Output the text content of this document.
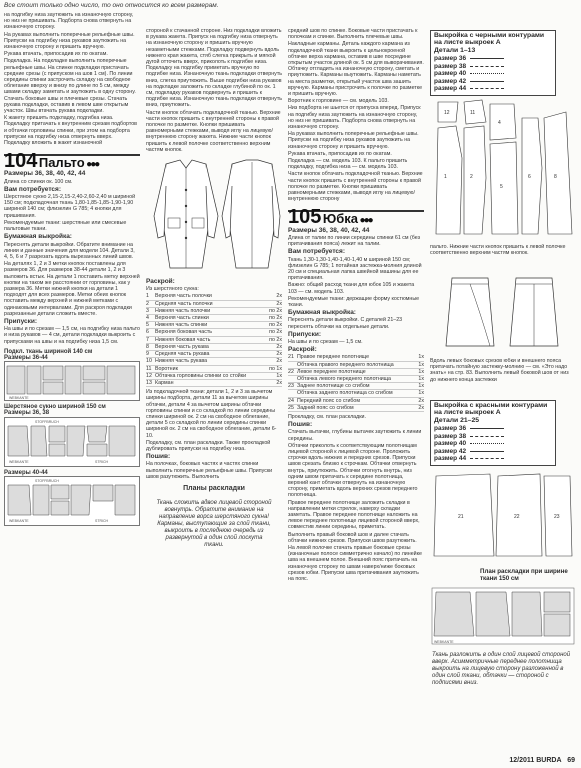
Все стоит только одно число, то оно относится ко всем размерам.

на подгибку низа заутюжить на изнаночную сторону, но низ не пришивать. Подборта снова отвернуть на изнаночную сторону.

На рукавах выполнить поперечные рельефные швы. Припуски на подгибку низа рукавов заутюжить на изнаночную сторону и пришить вручную.

Рукава втачать, припосадив их по окатам.

Подкладка. На подкладке выполнить поперечные рельефные швы. На спинке подкладки пристачать средние срезы (с припуском на шов 1 см). По линии середины спинки застрочить складку на свободное облегание вверху и внизу по длине по 5 см, между швами складку заметать и заутюжить в одну сторону. Стачать боковые швы и плечевые срезы. Стачать рукава подкладки, оставив в левом шве открытым участок. Швы втачать рукава подкладки.

К жакету пришить подкладку, подгибка низа. Подкладку притачать к внутренним срезам подбортов и обтачки горловины спинки, при этом на подборта припуски на подгибку низа отвернуть вверх. Подкладку вложить в жакет изнаночной

104 Пальто ●●●
Размеры 36, 38, 40, 42, 44

Длина со спинки ок. 100 см.

Вам потребуется:

Шерстяное сукно 2,15-2,15-2,40-2,60-2,40 м шириной 150 см; подкладочная ткань 1,80-1,85-1,85-1,90-1,90 шириной 140 см; флизелин G 785; 4 кнопки для пришивания.

Рекомендуемые ткани: шерстяные или смесевые пальтовые ткани.

Бумажная выкройка:

Переснять детали выкройки. Обратите внимание на линии и данные значения для модели 104. Детали 3, 4, 5, 6 и 7 разрезать вдоль вырезанных линий швов.

На деталях 1, 2 и 3 метки кнопок поставлены для размеров 36. Для размеров 38-44 детали 1, 2 и 3 выложить встык. На детали 1 поставить метку верхней кнопки на таком же расстоянии от горловины, как у размера 36. Метки нижней кнопки на детали 1 подходят для всех размеров. Метки обеих кнопок поставить между верхней и нижней метками с одинаковыми интервалами. Для раскроя подкладки разрезанные детали сложить вместе.

Припуски:

На швы и по срезам — 1,5 см, на подгибку низа пальто и низа рукавов — 4 см, детали подкладки выкроить с припусками на швы и на подгибку низа 1,5 см.

Подкл. ткань шириной 140 см
Размеры 36-44
WEBKANTE
Шерстяное сукно шириной 150 см
Размеры 36, 38
STOFFBRUCH
WEBKANTE	STRICH
Размеры 40-44
STOFFBRUCH
WEBKANTE	STRICH

стороной к стачанной стороне. Низ подкладки вложить в рукава жакета. Припуск на подгибку низа отвернуть на изнаночную сторону и пришить вручную незаметными стежками. Подкладку подвернуть вдоль нижнего края жакета, стяб слегка прикрыть и мягкой дугой отточить вверх, приколоть к подгибке низа. Подкладку на подгибку приметать вручную по подгибке низа. Изнаночную ткань подкладки отвернуть вниз, слегка приутюжить. Выше подгибки низа рукавов на подкладке заложить по складке глубиной по ок. 1 см, подкладку рукавов подвернуть и пришить к подгибке низа. Изнаночную ткань подкладки отвернуть вниз, приутюжить.

Части кнопок обтачать подкладочной тканью. Верхние части кнопок пришить с внутренней стороны к правой полочке по разметке. Кнопки пришивать равномерными стежками, выводя иглу на лицевую/внутреннюю сторону жакета. Нижние части кнопок пришить к левой полочке соответственно верхним частям кнопок.

Раскрой:

Из шерстяного сукна:

1 Верхняя часть полочки	2x
2 Средняя часть полочки	2x
3 Нижняя часть полочки	по 2x
4 Верхняя часть спинки	по 2x
5 Нижняя часть спинки	по 2x
6 Верхняя боковая часть	по 2x
7 Нижняя боковая часть	по 2x
8 Верхняя часть рукава	2x
9 Средняя часть рукава	2x
10 Нижняя часть рукава	2x
11 Воротник	по 1x
12 Обтачка горловины спинки со стойки	1x
13 Карман	2x

Из подкладочной ткани: детали 1, 2 и 3 за вычетом ширины подборта, детали 11 за вычетом ширины обтачки, детали 4 за вычетом ширины обтачки горловины спинки и со складкой по линии середины спинки шириной ок. 2 см на свободное облегание, детали 5 со складкой по линии середины спинки шириной ок. 2 см на свободное облегание, детали 6-10.

Подкладку, см. план раскладки. Также прокладкой дублировать припуски на подгибку низа.

Пошив:

На полочках, боковых частях и частях спинки выполнить поперечные рельефные швы. Припуски швов разутюжить. Выполнить

Планы раскладки
Ткань сложить вдвое лицевой стороной вовнутрь. Обратите внимание на направление ворса шерстяного сукна! Карманы, выступающие за слой ткани, выкроить в последнюю очередь из развернутой в один слой лоскута ткани.

средний шов по спинке. Боковые части пристачать к полочкам и спинке. Выполнить плечевые швы.

Накладные карманы. Деталь каждого кармана из подкладочной ткани выкроить к цельнокроеной обтачке верха кармана, оставив в шве посредине открытым участок длиной ок. 5 см для выворачивания. Обтачку отгладить на изнаночную сторону, сметать и приутюжить. Карманы выутюжить. Карманы наметать на места разметки, открытый участок шва зашить вручную. Карманы пристрочить к полочке по разметке и пришить вручную.

Воротник к горловине — см. модель 103.

Низ подборта не шьется от припуска вперед. Припуск на подгибку низа заутюжить на изнаночную сторону, но низ не пришивать. Подборта снова отвернуть на изнаночную сторону.

На рукавах выполнить поперечные рельефные швы. Припуски на подгибку низа рукавов заутюжить на изнаночную сторону и пришить вручную.

Рукава втачать, припосадив их по окатам.

Подкладка — см. модель 103. К пальто пришить подкладку, подгибка низа — см. модель 103.

Части кнопок обтачать подкладочной тканью. Верхние части кнопок пришить с внутренней стороны к правой полочке по разметке. Кнопки пришивать равномерными стежками, выводя иглу на лицевую/внутреннюю сторону

105 Юбка ●●●
Размеры 36, 38, 40, 42, 44

Длина от талии по линии середины спинки 61 см (без притачивания пояса) лежит на талии.

Вам потребуется:

Ткань 1,30-1,30-1,40-1,40-1,40 м шириной 150 см; флизелин G 785; 1 потайная застежка-молния длиной 20 см и специальная лапка швейной машины для ее притачивания.

Важно: общий расход ткани для юбок 105 и жакета 103 — см. модель 103.

Рекомендуемые ткани: держащие форму костюмные ткани.

Бумажная выкройка:

Переснять детали выкройки. С деталей 21–23 переснять обтачки на отдельные детали.

Припуски:

На швы и по срезам — 1,5 см.

Раскрой:
21 Правое переднее полотнище	1x
Обтачка правого переднего полотнища	1x
22 Левое переднее полотнище	1x
Обтачка левого переднего полотнища	1x
23 Заднее полотнище со сгибом	1x
Обтачка заднего полотнища со сгибом	1x
24 Передний пояс со сгибом	2x
25 Задний пояс со сгибом	2x

Прокладку, см. план раскладки.

Пошив:

Стачать вытачки, глубины вытачек заутюжить к линии середины.

Обтачки приколоть к соответствующим полотнищам лицевой стороной к лицевой стороне. Проложить строчки вдоль нижних и передних срезов. Припуски швов срезать близко к строчкам. Обтачки отвернуть внутрь, приутюжить. Обтачки отогнуть внутрь, низ одним швом притачать к середине полотнища, верхний кант обтачки отвернуть на изнаночную сторону, приметать вдоль верхних срезов переднего полотнища.

Правое переднее полотнище заложить складки в направлении метки стрелок, наверху складки заметать. Правое переднее полотнище наложить на левое переднее полотнище лицевой стороной вверх, совместив линии середины, приметать.

Выполнить правый боковой шов и далее стачать обтачки нижних срезов. Припуски швов разутюжить.

На левой полочке стачать правые боковые срезы (изнаночные полосе симметрично начало) по линейке шва на внешнем полое. Внешний пояс притачать на изнаночную сторону по швам наверх/ниже боковых срезов юбки. Припуски шва притачивания заутюжить на пояс.

Выкройка с черными контурами на листе выкроек А
Детали 1–13
размер 36
размер 38
размер 40
размер 42
размер 44
12	11
4
1	2
5
6	8
пальто. Нижние части кнопок пришить к левой полочке соответственно верхним частям кнопок.
Вдоль левых боковых срезов юбки и внешнего пояса притачать потайную застежку-молнию — см. «Это надо знать» на стр. 83. Выполнить левый боковой шов от низ до нижнего конца застежки
Выкройка с красными контурами на листе выкроек А
Детали 21–25
размер 36
размер 38
размер 40
размер 42
размер 44
21	22	23
План раскладки при ширине ткани 150 см
WEBKANTE
Ткань разложить в один слой лицевой стороной вверх. Асимметричные переднее полотнища выкроить на лицевую сторону разложенной в один слой ткани, обтачки — стороной с подписями вниз.
12/2011 BURDA 69
